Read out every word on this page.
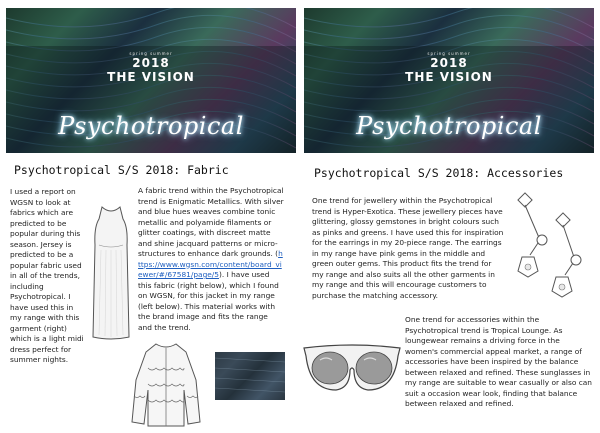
spring summer
2018
THE VISION
Psychotropical
spring summer
2018
THE VISION
Psychotropical
Psychotropical S/S 2018: Fabric	Psychotropical S/S 2018: Accessories
I used a report on WGSN to look at fabrics which are predicted to be popular during this season. Jersey is predicted to be a popular fabric used in all of the trends, including Psychotropical. I have used this in my range with this garment (right) which is a light midi dress perfect for summer nights.
A fabric trend within the Psychotropical trend is Enigmatic Metallics. With silver and blue hues weaves combine tonic metallic and polyamide filaments or glitter coatings, with discreet matte and shine jacquard patterns or micro-structures to enhance dark grounds. (https://www.wgsn.com/content/board_viewer/#/67581/page/5). I have used this fabric (right below), which I found on WGSN, for this jacket in my range (left below). This material works with the brand image and fits the range and the trend.
One trend for jewellery within the Psychotropical trend is Hyper-Exotica. These jewellery pieces have glittering, glossy gemstones in bright colours such as pinks and greens. I have used this for inspiration for the earrings in my 20-piece range. The earrings in my range have pink gems in the middle and green outer gems. This product fits the trend for my range and also suits all the other garments in my range and this will encourage customers to purchase the matching accessory.
One trend for accessories within the Psychotropical trend is Tropical Lounge. As loungewear remains a driving force in the women's commercial appeal market, a range of accessories have been inspired by the balance between relaxed and refined. These sunglasses in my range are suitable to wear casually or also can suit a occasion wear look, finding that balance between relaxed and refined.
